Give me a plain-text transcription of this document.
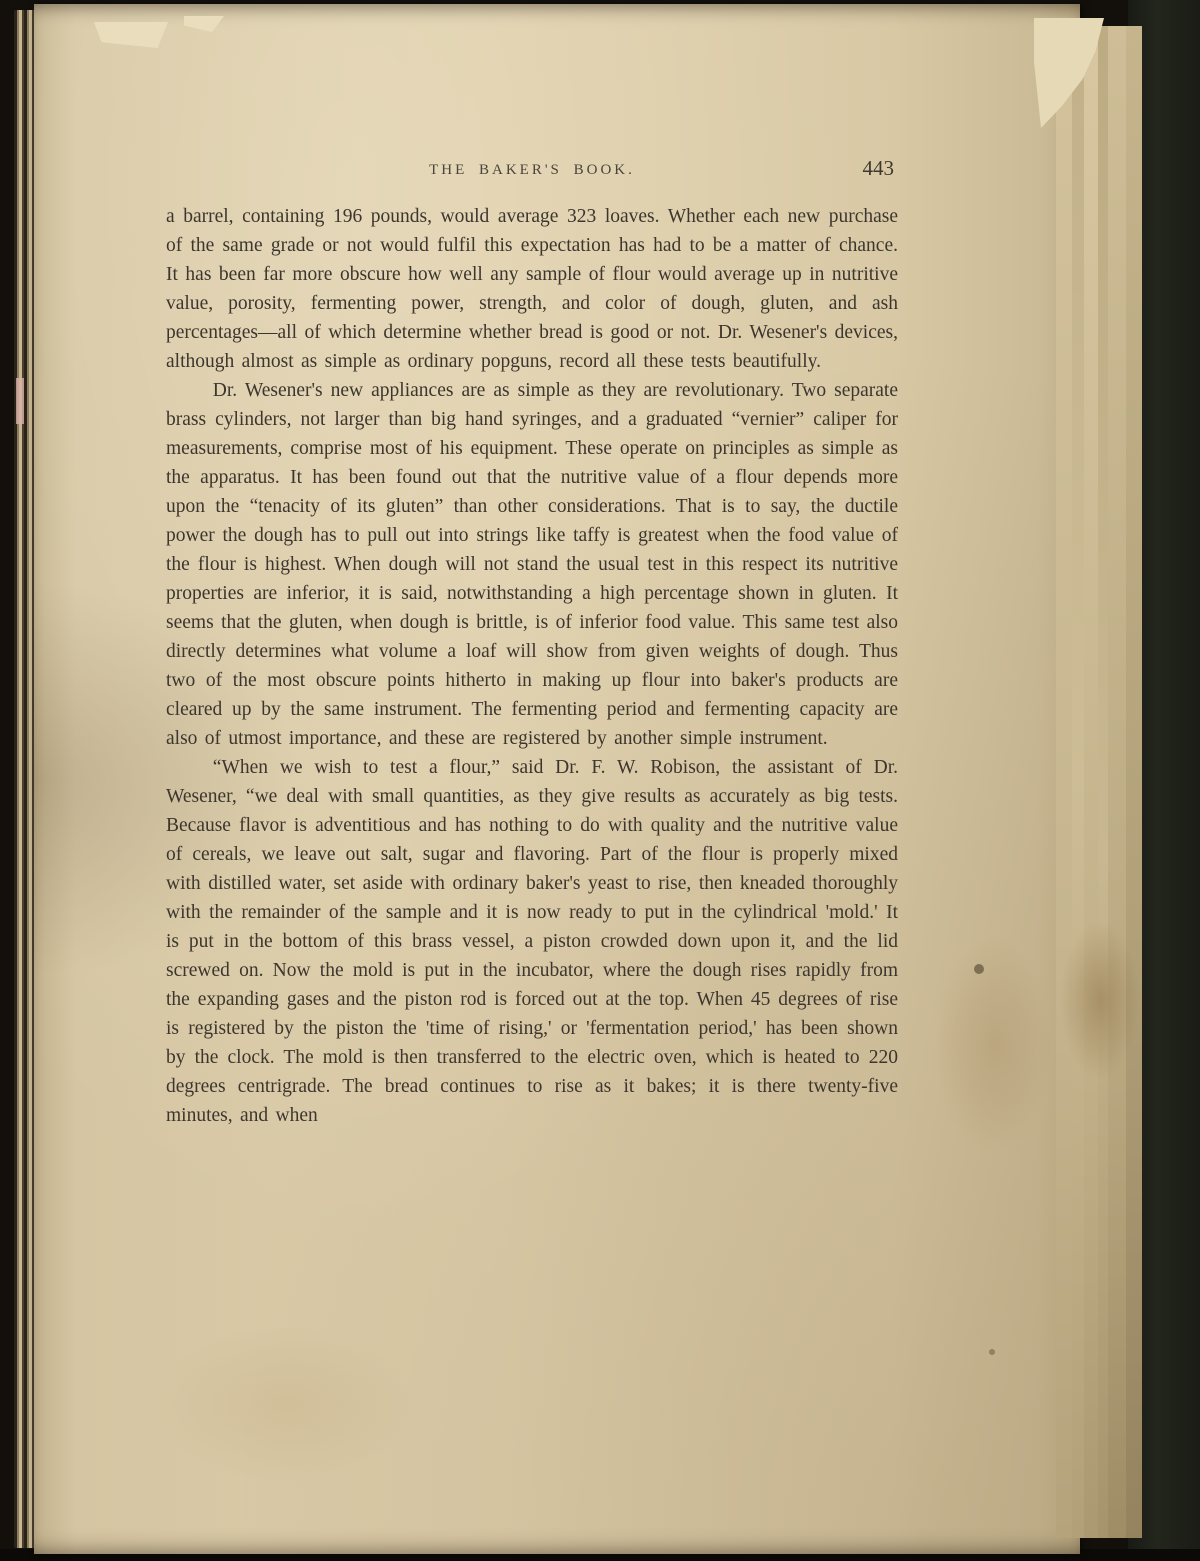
THE BAKER'S BOOK.	443

a barrel, containing 196 pounds, would average 323 loaves. Whether each new purchase of the same grade or not would fulfil this expectation has had to be a matter of chance. It has been far more obscure how well any sample of flour would average up in nutritive value, porosity, fermenting power, strength, and color of dough, gluten, and ash percentages—all of which determine whether bread is good or not. Dr. Wesener's devices, although almost as simple as ordinary popguns, record all these tests beautifully.

Dr. Wesener's new appliances are as simple as they are revolutionary. Two separate brass cylinders, not larger than big hand syringes, and a graduated “vernier” caliper for measurements, comprise most of his equipment. These operate on principles as simple as the apparatus. It has been found out that the nutritive value of a flour depends more upon the “tenacity of its gluten” than other considerations. That is to say, the ductile power the dough has to pull out into strings like taffy is greatest when the food value of the flour is highest. When dough will not stand the usual test in this respect its nutritive properties are inferior, it is said, notwithstanding a high percentage shown in gluten. It seems that the gluten, when dough is brittle, is of inferior food value. This same test also directly determines what volume a loaf will show from given weights of dough. Thus two of the most obscure points hitherto in making up flour into baker's products are cleared up by the same instrument. The fermenting period and fermenting capacity are also of utmost importance, and these are registered by another simple instrument.

“When we wish to test a flour,” said Dr. F. W. Robison, the assistant of Dr. Wesener, “we deal with small quantities, as they give results as accurately as big tests. Because flavor is adventitious and has nothing to do with quality and the nutritive value of cereals, we leave out salt, sugar and flavoring. Part of the flour is properly mixed with distilled water, set aside with ordinary baker's yeast to rise, then kneaded thoroughly with the remainder of the sample and it is now ready to put in the cylindrical 'mold.' It is put in the bottom of this brass vessel, a piston crowded down upon it, and the lid screwed on. Now the mold is put in the incubator, where the dough rises rapidly from the expanding gases and the piston rod is forced out at the top. When 45 degrees of rise is registered by the piston the 'time of rising,' or 'fermentation period,' has been shown by the clock. The mold is then transferred to the electric oven, which is heated to 220 degrees centrigrade. The bread continues to rise as it bakes; it is there twenty-five minutes, and when
